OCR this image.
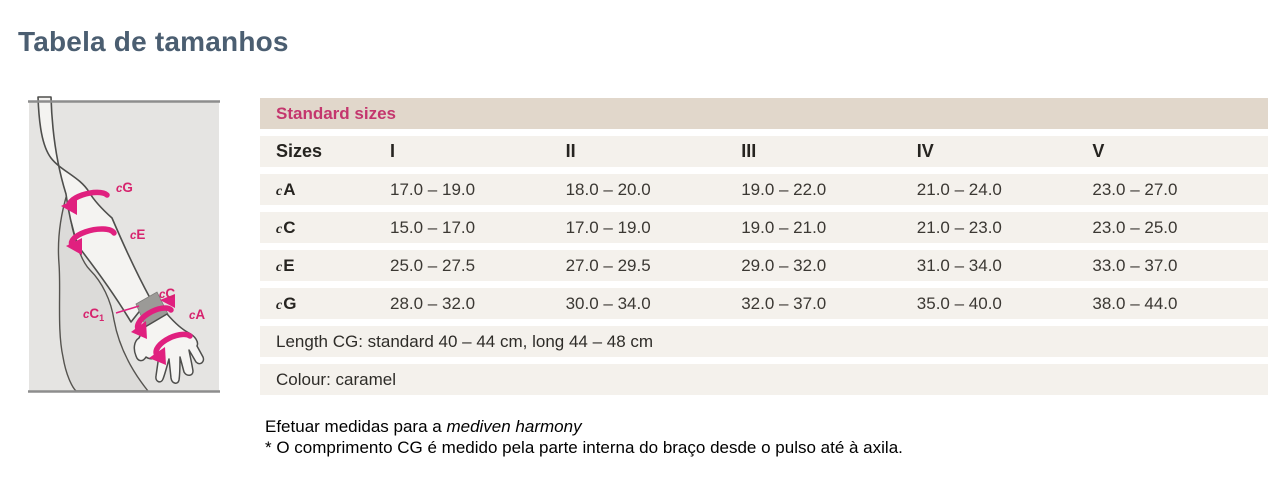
Tabela de tamanhos
cG
cE
cC
$cC_1$	cA
Standard sizes
Sizes	I	II	III	IV	V
cA	17.0 – 19.0	18.0 – 20.0	19.0 – 22.0	21.0 – 24.0	23.0 – 27.0
cC	15.0 – 17.0	17.0 – 19.0	19.0 – 21.0	21.0 – 23.0	23.0 – 25.0
cE	25.0 – 27.5	27.0 – 29.5	29.0 – 32.0	31.0 – 34.0	33.0 – 37.0
cG	28.0 – 32.0	30.0 – 34.0	32.0 – 37.0	35.0 – 40.0	38.0 – 44.0
Length CG: standard 40 – 44 cm, long 44 – 48 cm
Colour: caramel
Efetuar medidas para a mediven harmony
* O comprimento CG é medido pela parte interna do braço desde o pulso até à axila.
